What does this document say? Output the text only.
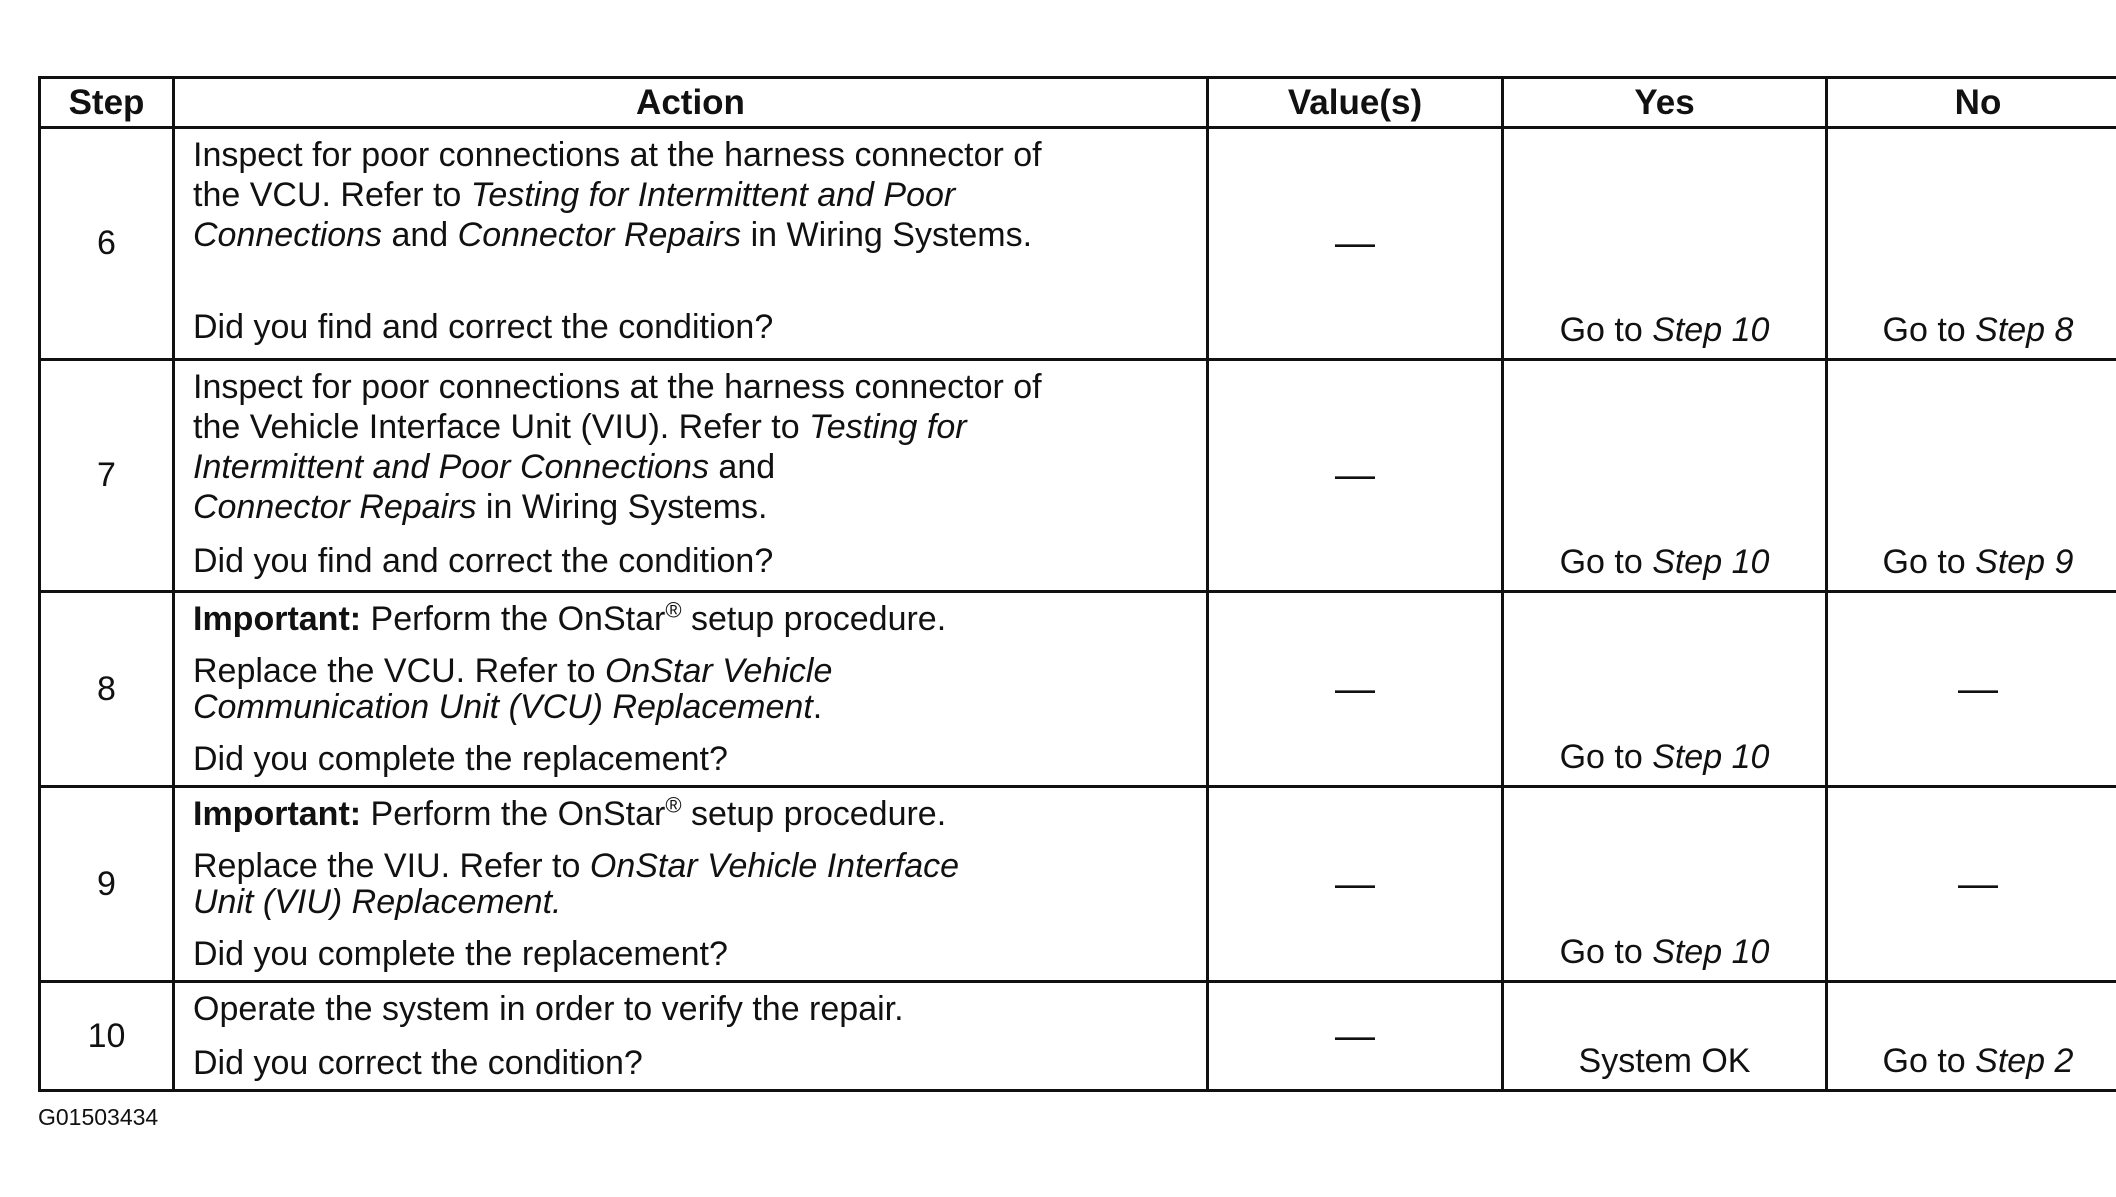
Step	Action	Value(s)	Yes	No
6	Inspect for poor connections at the harness connector of
the VCU. Refer to Testing for Intermittent and Poor
Connections and Connector Repairs in Wiring Systems.
Did you find and correct the condition?	—	Go to Step 10	Go to Step 8
7	Inspect for poor connections at the harness connector of
the Vehicle Interface Unit (VIU). Refer to Testing for
Intermittent and Poor Connections and
Connector Repairs in Wiring Systems.
Did you find and correct the condition?	—	Go to Step 10	Go to Step 9
8	Important: Perform the OnStar® setup procedure.
Replace the VCU. Refer to OnStar Vehicle
Communication Unit (VCU) Replacement.
Did you complete the replacement?	—	Go to Step 10	—
9	Important: Perform the OnStar® setup procedure.
Replace the VIU. Refer to OnStar Vehicle Interface
Unit (VIU) Replacement.
Did you complete the replacement?	—	Go to Step 10	—
10	Operate the system in order to verify the repair.
Did you correct the condition?	—	System OK	Go to Step 2
G01503434
